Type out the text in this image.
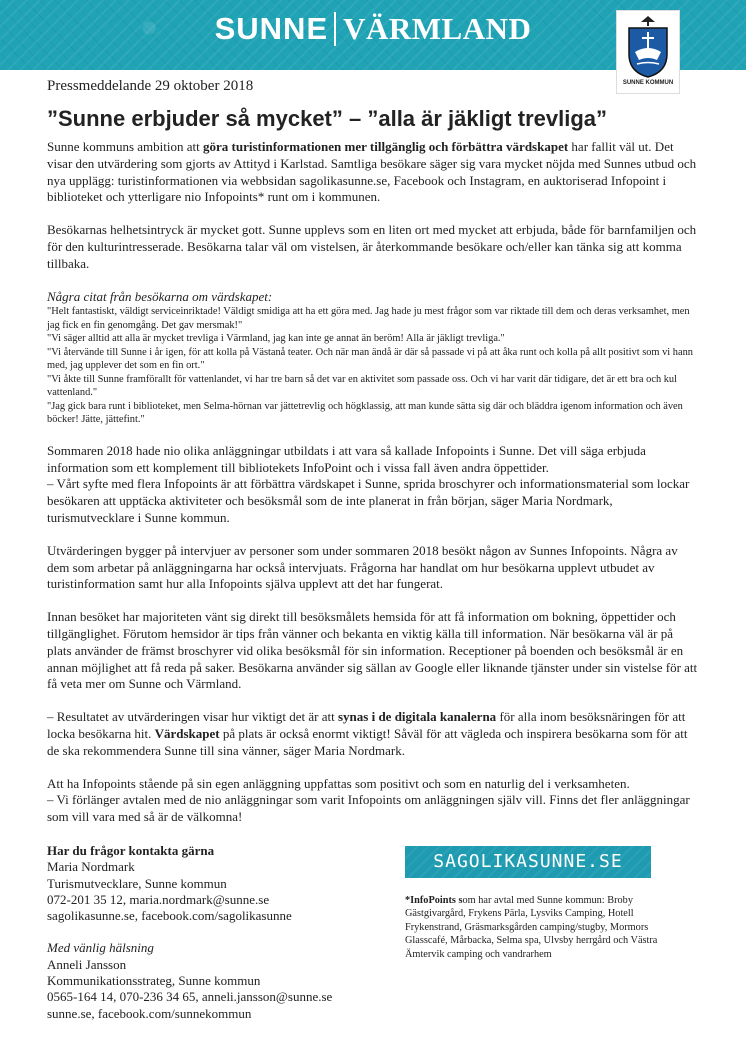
SUNNE VÄRMLAND
SUNNE KOMMUN
Pressmeddelande 29 oktober 2018
”Sunne erbjuder så mycket” – ”alla är jäkligt trevliga”

Sunne kommuns ambition att göra turistinformationen mer tillgänglig och förbättra värdskapet har fallit väl ut. Det visar den utvärdering som gjorts av Attityd i Karlstad. Samtliga besökare säger sig vara mycket nöjda med Sunnes utbud och nya upplägg: turistinformationen via webbsidan sagolikasunne.se, Facebook och Instagram, en auktoriserad Infopoint i biblioteket och ytterligare nio Infopoints* runt om i kommunen.

Besökarnas helhetsintryck är mycket gott. Sunne upplevs som en liten ort med mycket att erbjuda, både för barnfamiljen och för den kulturintresserade. Besökarna talar väl om vistelsen, är återkommande besökare och/eller kan tänka sig att komma tillbaka.

Några citat från besökarna om värdskapet:

"Helt fantastiskt, väldigt serviceinriktade! Väldigt smidiga att ha ett göra med. Jag hade ju mest frågor som var riktade till dem och deras verksamhet, men jag fick en fin genomgång. Det gav mersmak!"

"Vi säger alltid att alla är mycket trevliga i Värmland, jag kan inte ge annat än beröm! Alla är jäkligt trevliga."

"Vi återvände till Sunne i år igen, för att kolla på Västanå teater. Och när man ändå är där så passade vi på att åka runt och kolla på allt positivt som vi hann med, jag upplever det som en fin ort."

"Vi åkte till Sunne framförallt för vattenlandet, vi har tre barn så det var en aktivitet som passade oss. Och vi har varit där tidigare, det är ett bra och kul vattenland."

"Jag gick bara runt i biblioteket, men Selma-hörnan var jättetrevlig och högklassig, att man kunde sätta sig där och bläddra igenom information och även böcker! Jätte, jättefint."

Sommaren 2018 hade nio olika anläggningar utbildats i att vara så kallade Infopoints i Sunne. Det vill säga erbjuda information som ett komplement till bibliotekets InfoPoint och i vissa fall även andra öppettider.

– Vårt syfte med flera Infopoints är att förbättra värdskapet i Sunne, sprida broschyrer och informationsmaterial som lockar besökaren att upptäcka aktiviteter och besöksmål som de inte planerat in från början, säger Maria Nordmark, turismutvecklare i Sunne kommun.

Utvärderingen bygger på intervjuer av personer som under sommaren 2018 besökt någon av Sunnes Infopoints. Några av dem som arbetar på anläggningarna har också intervjuats. Frågorna har handlat om hur besökarna upplevt utbudet av turistinformation samt hur alla Infopoints själva upplevt att det har fungerat.

Innan besöket har majoriteten vänt sig direkt till besöksmålets hemsida för att få information om bokning, öppettider och tillgänglighet. Förutom hemsidor är tips från vänner och bekanta en viktig källa till information. När besökarna väl är på plats använder de främst broschyrer vid olika besöksmål för sin information. Receptioner på boenden och besöksmål är en annan möjlighet att få reda på saker. Besökarna använder sig sällan av Google eller liknande tjänster under sin vistelse för att få veta mer om Sunne och Värmland.

– Resultatet av utvärderingen visar hur viktigt det är att synas i de digitala kanalerna för alla inom besöksnäringen för att locka besökarna hit. Värdskapet på plats är också enormt viktigt! Såväl för att vägleda och inspirera besökarna som för att de ska rekommendera Sunne till sina vänner, säger Maria Nordmark.

Att ha Infopoints stående på sin egen anläggning uppfattas som positivt och som en naturlig del i verksamheten.

– Vi förlänger avtalen med de nio anläggningar som varit Infopoints om anläggningen själv vill. Finns det fler anläggningar som vill vara med så är de välkomna!

Har du frågor kontakta gärna

Maria Nordmark

Turismutvecklare, Sunne kommun

072-201 35 12, maria.nordmark@sunne.se

sagolikasunne.se, facebook.com/sagolikasunne

Med vänlig hälsning

Anneli Jansson

Kommunikationsstrateg, Sunne kommun

0565-164 14, 070-236 34 65, anneli.jansson@sunne.se

sunne.se, facebook.com/sunnekommun

SAGOLIKASUNNE.SE
*InfoPoints som har avtal med Sunne kommun: Broby Gästgivargård, Frykens Pärla, Lysviks Camping, Hotell Frykenstrand, Gräsmarksgården camping/stugby, Mormors Glasscafé, Mårbacka, Selma spa, Ulvsby herrgård och Västra Ämtervik camping och vandrarhem
